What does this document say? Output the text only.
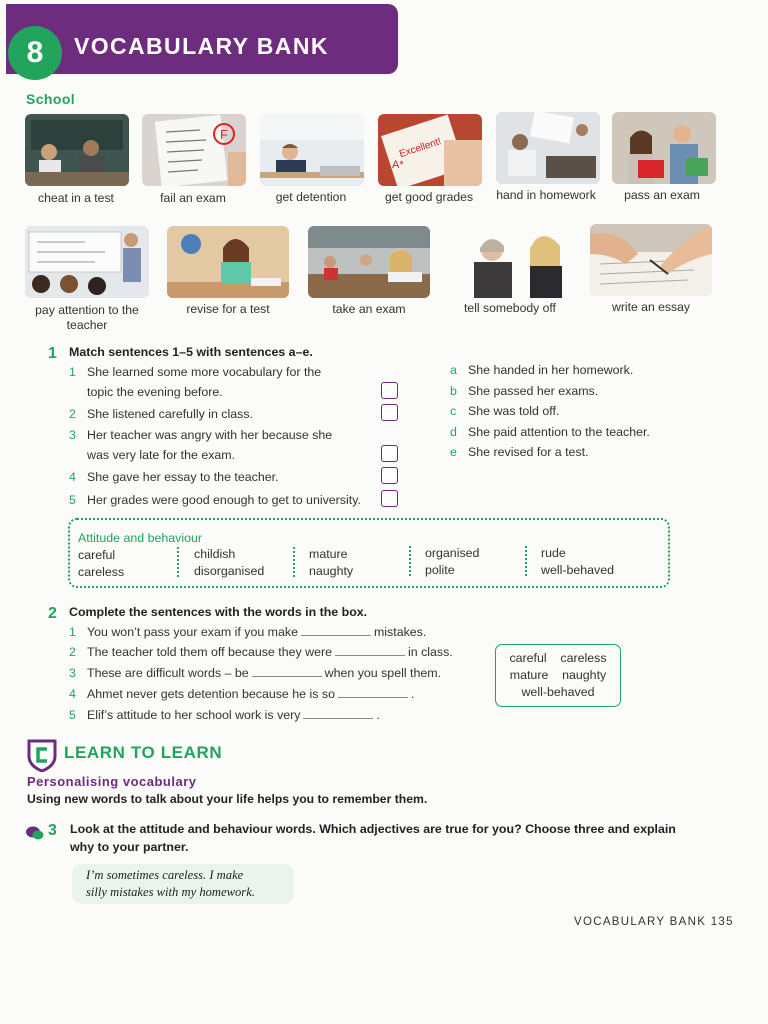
8	VOCABULARY BANK
School
cheat in a test
F
fail an exam	get detention
Excellent!
A*
get good grades	hand in homework	pass an exam
pay attention to the teacher
revise for a test	take an exam	tell somebody off	write an essay
1 Match sentences 1–5 with sentences a–e.
1 She learned some more vocabulary for the
topic the evening before.
2 She listened carefully in class.
3 Her teacher was angry with her because she
was very late for the exam.
4 She gave her essay to the teacher.
5 Her grades were good enough to get to university.
a She handed in her homework.
b She passed her exams.
c She was told off.
d She paid attention to the teacher.
e She revised for a test.
Attitude and behaviour
careful
careless
childish
disorganised
mature
naughty
organised
polite
rude
well-behaved
2 Complete the sentences with the words in the box.
1 You won’t pass your exam if you make	mistakes.
2 The teacher told them off because they were	in class.
3 These are difficult words – be	when you spell them.
4 Ahmet never gets detention because he is so	.
5 Elif’s attitude to her school work is very	.
careful    careless
mature    naughty
well-behaved
LEARN TO LEARN
Personalising vocabulary
Using new words to talk about your life helps you to remember them.
3 Look at the attitude and behaviour words. Which adjectives are true for you? Choose three and explain
why to your partner.
I’m sometimes careless. I make
silly mistakes with my homework.
VOCABULARY BANK 135
